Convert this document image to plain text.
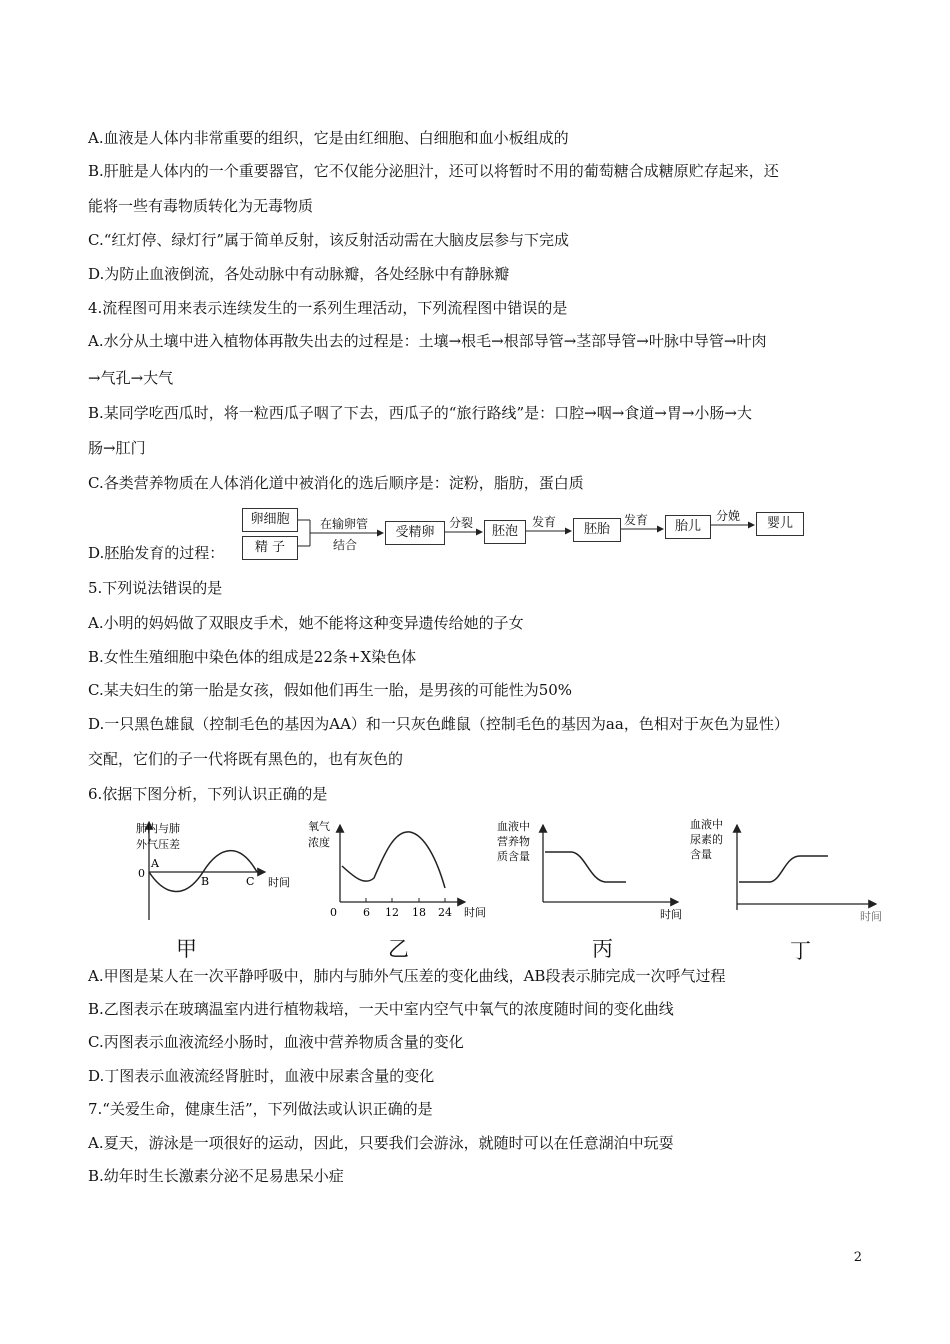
A.血液是人体内非常重要的组织，它是由红细胞、白细胞和血小板组成的
B.肝脏是人体内的一个重要器官，它不仅能分泌胆汁，还可以将暂时不用的葡萄糖合成糖原贮存起来，还
能将一些有毒物质转化为无毒物质
C.“红灯停、绿灯行”属于简单反射，该反射活动需在大脑皮层参与下完成
D.为防止血液倒流，各处动脉中有动脉瓣，各处经脉中有静脉瓣
4.流程图可用来表示连续发生的一系列生理活动，下列流程图中错误的是
A.水分从土壤中进入植物体再散失出去的过程是：土壤→根毛→根部导管→茎部导管→叶脉中导管→叶肉
→气孔→大气
B.某同学吃西瓜时，将一粒西瓜子咽了下去，西瓜子的“旅行路线”是：口腔→咽→食道→胃→小肠→大
肠→肛门
C.各类营养物质在人体消化道中被消化的选后顺序是：淀粉，脂肪，蛋白质
D.胚胎发育的过程：
5.下列说法错误的是
A.小明的妈妈做了双眼皮手术，她不能将这种变异遗传给她的子女
B.女性生殖细胞中染色体的组成是22条+X染色体
C.某夫妇生的第一胎是女孩，假如他们再生一胎，是男孩的可能性为50%
D.一只黑色雄鼠（控制毛色的基因为AA）和一只灰色雌鼠（控制毛色的基因为aa，色相对于灰色为显性）
交配，它们的子一代将既有黑色的，也有灰色的
6.依据下图分析，下列认识正确的是
A.甲图是某人在一次平静呼吸中，肺内与肺外气压差的变化曲线，AB段表示肺完成一次呼气过程
B.乙图表示在玻璃温室内进行植物栽培，一天中室内空气中氧气的浓度随时间的变化曲线
C.丙图表示血液流经小肠时，血液中营养物质含量的变化
D.丁图表示血液流经肾脏时，血液中尿素含量的变化
7.“关爱生命，健康生活”，下列做法或认识正确的是
A.夏天，游泳是一项很好的运动，因此，只要我们会游泳，就随时可以在任意湖泊中玩耍
B.幼年时生长激素分泌不足易患呆小症
卵细胞
精 子
在输卵管
结合
受精卵
分裂
胚泡
发育	胚胎
发育	胎儿
分娩	婴儿
肺内与肺
外气压差
0
A
B	C 时间
氧气
浓度
0 6 12 18 24 时间
血液中
营养物
质含量
时间
血液中
尿素的
含量
时间
甲	乙	丙	丁
2
